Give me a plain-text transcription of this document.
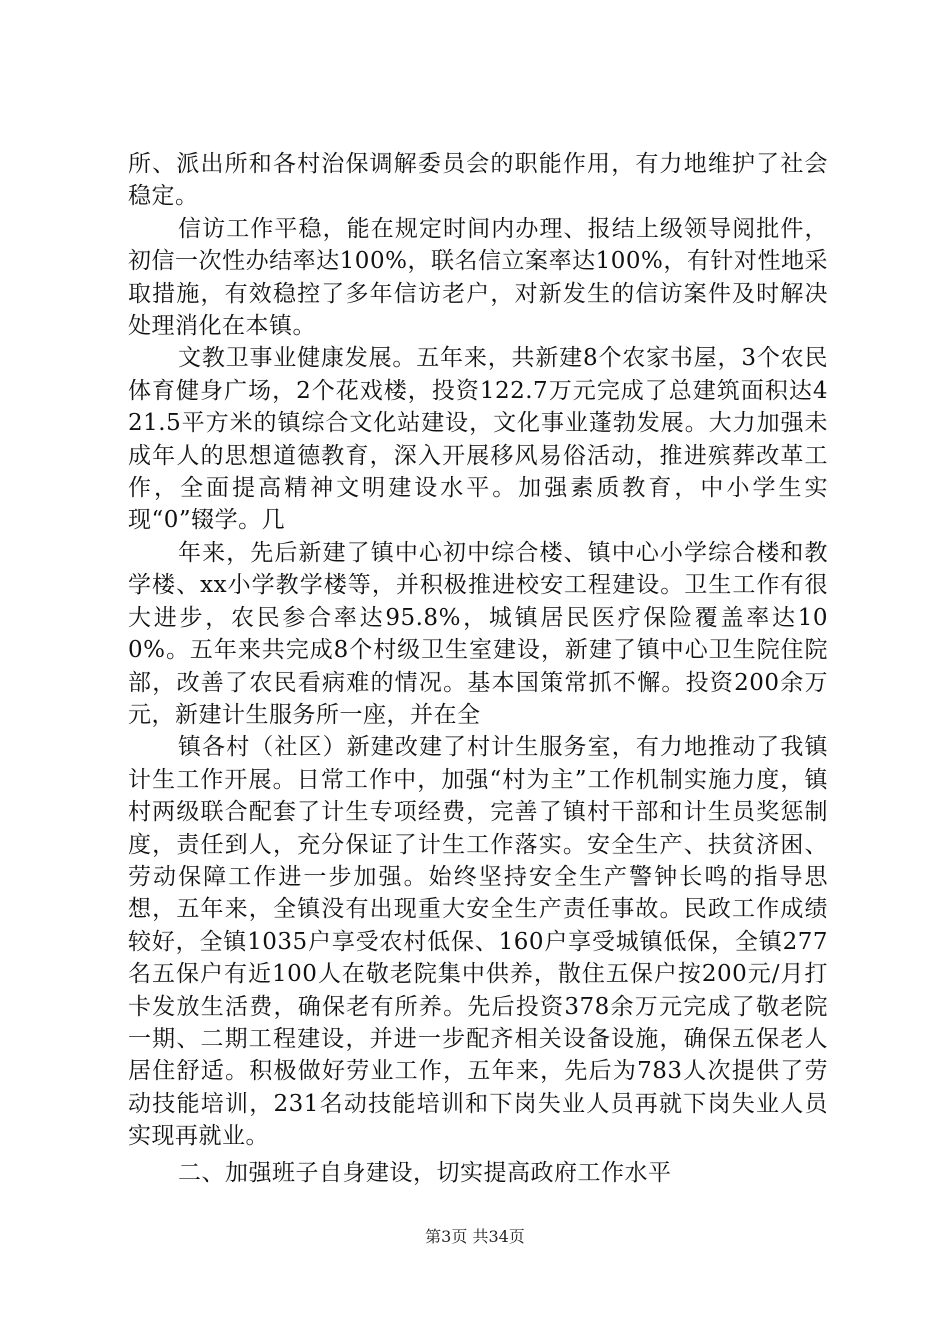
所、派出所和各村治保调解委员会的职能作用，有力地维护了社会稳定。

信访工作平稳，能在规定时间内办理、报结上级领导阅批件，初信一次性办结率达100%，联名信立案率达100%，有针对性地采取措施，有效稳控了多年信访老户，对新发生的信访案件及时解决处理消化在本镇。

文教卫事业健康发展。五年来，共新建8个农家书屋，3个农民体育健身广场，2个花戏楼，投资122.7万元完成了总建筑面积达421.5平方米的镇综合文化站建设，文化事业蓬勃发展。大力加强未成年人的思想道德教育，深入开展移风易俗活动，推进殡葬改革工作，全面提高精神文明建设水平。加强素质教育，中小学生实现“0”辍学。几

年来，先后新建了镇中心初中综合楼、镇中心小学综合楼和教学楼、xx小学教学楼等，并积极推进校安工程建设。卫生工作有很大进步，农民参合率达95.8%，城镇居民医疗保险覆盖率达100%。五年来共完成8个村级卫生室建设，新建了镇中心卫生院住院部，改善了农民看病难的情况。基本国策常抓不懈。投资200余万元，新建计生服务所一座，并在全

镇各村（社区）新建改建了村计生服务室，有力地推动了我镇计生工作开展。日常工作中，加强“村为主”工作机制实施力度，镇村两级联合配套了计生专项经费，完善了镇村干部和计生员奖惩制度，责任到人，充分保证了计生工作落实。安全生产、扶贫济困、劳动保障工作进一步加强。始终坚持安全生产警钟长鸣的指导思想，五年来，全镇没有出现重大安全生产责任事故。民政工作成绩较好，全镇1035户享受农村低保、160户享受城镇低保，全镇277名五保户有近100人在敬老院集中供养，散住五保户按200元/月打卡发放生活费，确保老有所养。先后投资378余万元完成了敬老院一期、二期工程建设，并进一步配齐相关设备设施，确保五保老人居住舒适。积极做好劳业工作，五年来，先后为783人次提供了劳动技能培训，231名动技能培训和下岗失业人员再就下岗失业人员实现再就业。

二、加强班子自身建设，切实提高政府工作水平

第3页 共34页
